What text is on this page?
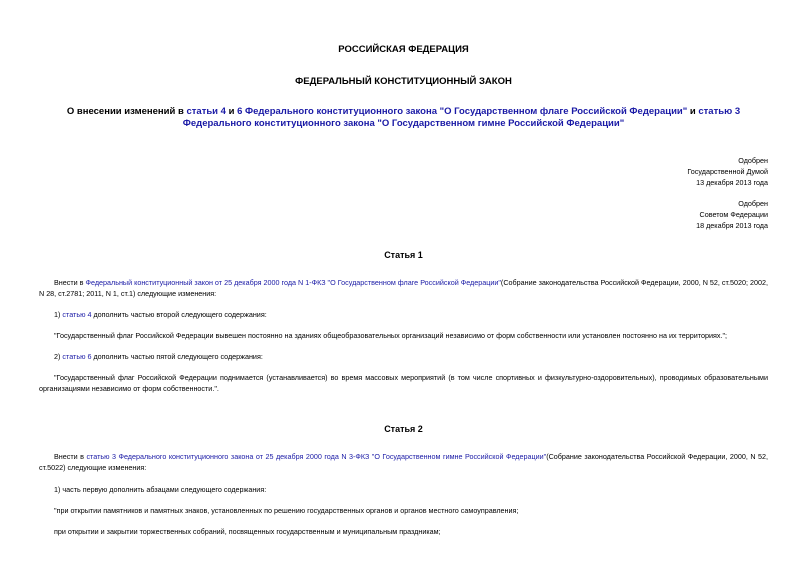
РОССИЙСКАЯ ФЕДЕРАЦИЯ
ФЕДЕРАЛЬНЫЙ КОНСТИТУЦИОННЫЙ ЗАКОН
О внесении изменений в статьи 4 и 6 Федерального конституционного закона "О Государственном флаге Российской Федерации" и статью 3 Федерального конституционного закона "О Государственном гимне Российской Федерации"
Одобрен
Государственной Думой
13 декабря 2013 года
Одобрен
Советом Федерации
18 декабря 2013 года
Статья 1
Внести в Федеральный конституционный закон от 25 декабря 2000 года N 1-ФКЗ "О Государственном флаге Российской Федерации"(Собрание законодательства Российской Федерации, 2000, N 52, ст.5020; 2002, N 28, ст.2781; 2011, N 1, ст.1) следующие изменения:
1) статью 4 дополнить частью второй следующего содержания:
"Государственный флаг Российской Федерации вывешен постоянно на зданиях общеобразовательных организаций независимо от форм собственности или установлен постоянно на их территориях.";
2) статью 6 дополнить частью пятой следующего содержания:
"Государственный флаг Российской Федерации поднимается (устанавливается) во время массовых мероприятий (в том числе спортивных и физкультурно-оздоровительных), проводимых образовательными организациями независимо от форм собственности.".
Статья 2
Внести в статью 3 Федерального конституционного закона от 25 декабря 2000 года N 3-ФКЗ "О Государственном гимне Российской Федерации"(Собрание законодательства Российской Федерации, 2000, N 52, ст.5022) следующие изменения:
1) часть первую дополнить абзацами следующего содержания:
"при открытии памятников и памятных знаков, установленных по решению государственных органов и органов местного самоуправления;
при открытии и закрытии торжественных собраний, посвященных государственным и муниципальным праздникам;
